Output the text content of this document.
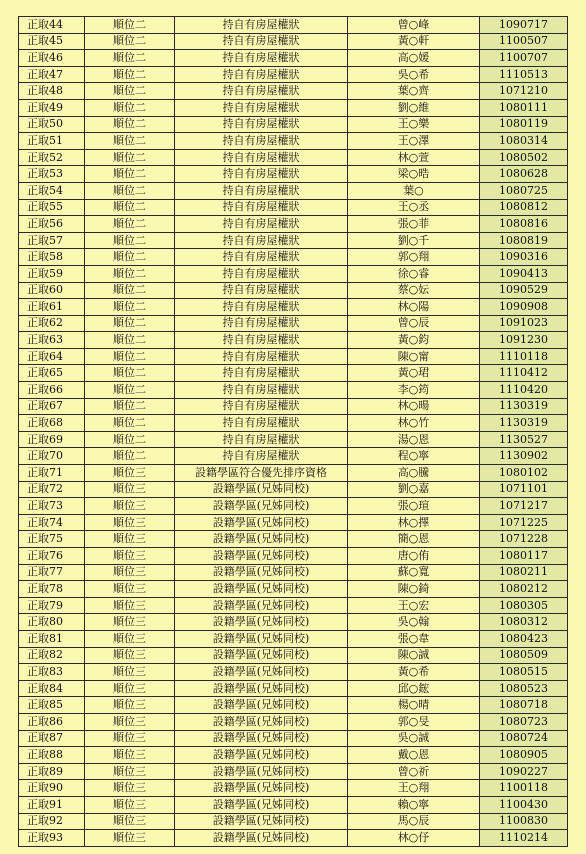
正取44	順位二	持自有房屋權狀	曾○峰	1090717
正取45	順位二	持自有房屋權狀	黃○軒	1100507
正取46	順位二	持自有房屋權狀	高○媛	1100707
正取47	順位二	持自有房屋權狀	吳○希	1110513
正取48	順位二	持自有房屋權狀	葉○齊	1071210
正取49	順位二	持自有房屋權狀	劉○維	1080111
正取50	順位二	持自有房屋權狀	王○樂	1080119
正取51	順位二	持自有房屋權狀	王○澤	1080314
正取52	順位二	持自有房屋權狀	林○萱	1080502
正取53	順位二	持自有房屋權狀	梁○晧	1080628
正取54	順位二	持自有房屋權狀	葉○	1080725
正取55	順位二	持自有房屋權狀	王○丞	1080812
正取56	順位二	持自有房屋權狀	張○菲	1080816
正取57	順位二	持自有房屋權狀	劉○千	1080819
正取58	順位二	持自有房屋權狀	郭○翔	1090316
正取59	順位二	持自有房屋權狀	徐○睿	1090413
正取60	順位二	持自有房屋權狀	蔡○妘	1090529
正取61	順位二	持自有房屋權狀	林○陽	1090908
正取62	順位二	持自有房屋權狀	曾○辰	1091023
正取63	順位二	持自有房屋權狀	黃○鈞	1091230
正取64	順位二	持自有房屋權狀	陳○甯	1110118
正取65	順位二	持自有房屋權狀	黃○珺	1110412
正取66	順位二	持自有房屋權狀	李○筠	1110420
正取67	順位二	持自有房屋權狀	林○暘	1130319
正取68	順位二	持自有房屋權狀	林○竹	1130319
正取69	順位二	持自有房屋權狀	湯○恩	1130527
正取70	順位二	持自有房屋權狀	程○寧	1130902
正取71	順位三	設籍學區符合優先排序資格	高○騰	1080102
正取72	順位三	設籍學區(兄姊同校)	劉○嘉	1071101
正取73	順位三	設籍學區(兄姊同校)	張○瑄	1071217
正取74	順位三	設籍學區(兄姊同校)	林○擇	1071225
正取75	順位三	設籍學區(兄姊同校)	簡○恩	1071228
正取76	順位三	設籍學區(兄姊同校)	唐○侑	1080117
正取77	順位三	設籍學區(兄姊同校)	蘇○寬	1080211
正取78	順位三	設籍學區(兄姊同校)	陳○錡	1080212
正取79	順位三	設籍學區(兄姊同校)	王○宏	1080305
正取80	順位三	設籍學區(兄姊同校)	吳○翰	1080312
正取81	順位三	設籍學區(兄姊同校)	張○韋	1080423
正取82	順位三	設籍學區(兄姊同校)	陳○誠	1080509
正取83	順位三	設籍學區(兄姊同校)	黃○希	1080515
正取84	順位三	設籍學區(兄姊同校)	邱○鋐	1080523
正取85	順位三	設籍學區(兄姊同校)	楊○晴	1080718
正取86	順位三	設籍學區(兄姊同校)	郭○旻	1080723
正取87	順位三	設籍學區(兄姊同校)	吳○誠	1080724
正取88	順位三	設籍學區(兄姊同校)	戴○恩	1080905
正取89	順位三	設籍學區(兄姊同校)	曾○祈	1090227
正取90	順位三	設籍學區(兄姊同校)	王○翔	1100118
正取91	順位三	設籍學區(兄姊同校)	賴○寧	1100430
正取92	順位三	設籍學區(兄姊同校)	馬○辰	1100830
正取93	順位三	設籍學區(兄姊同校)	林○伃	1110214
